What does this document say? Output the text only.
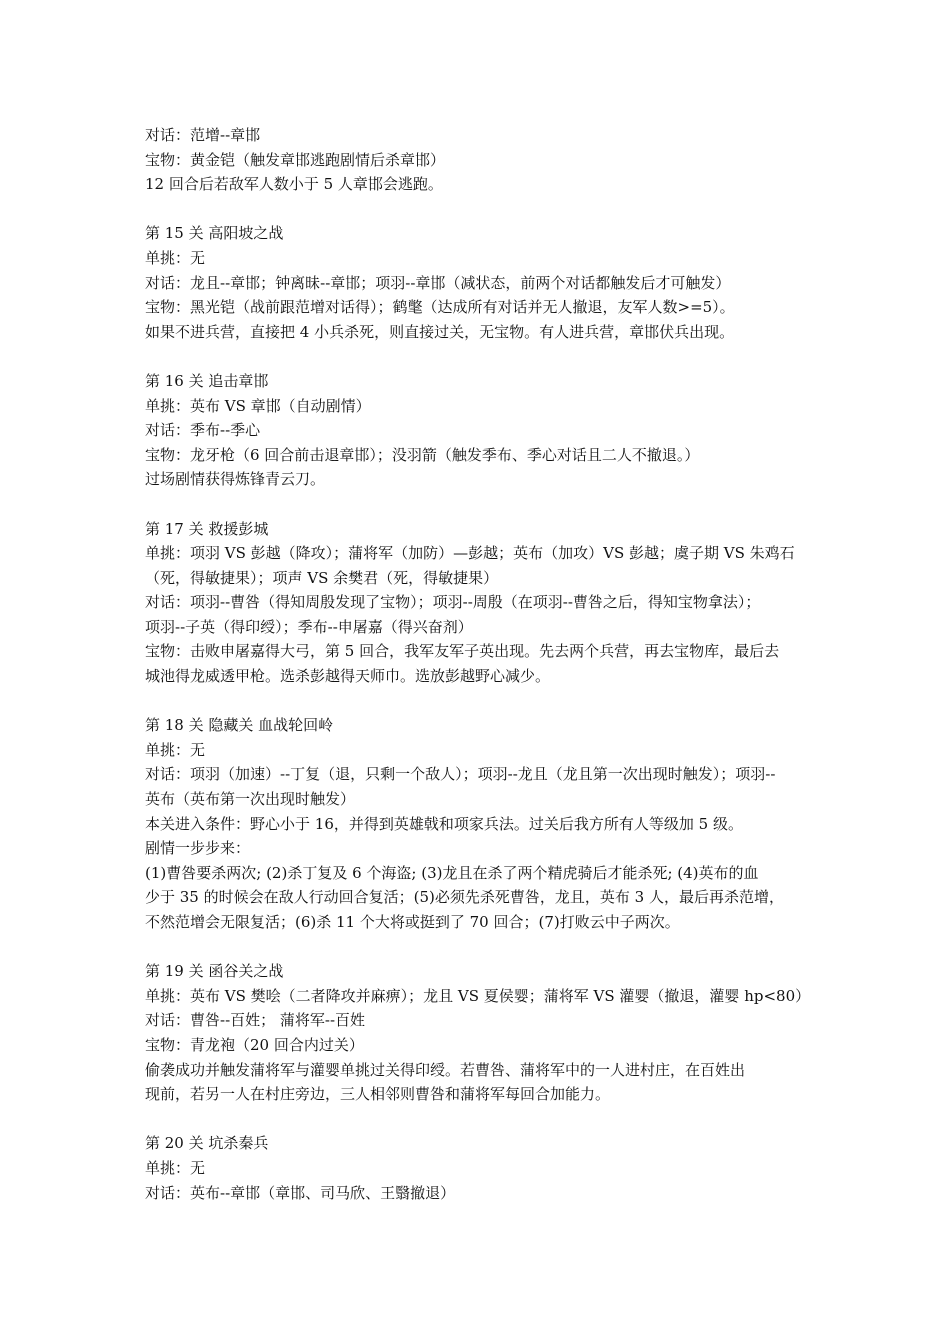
对话：范增--章邯
宝物：黄金铠（触发章邯逃跑剧情后杀章邯）
12 回合后若敌军人数小于 5 人章邯会逃跑。
第 15 关 高阳坡之战
单挑：无
对话：龙且--章邯；钟离昧--章邯；项羽--章邯（减状态，前两个对话都触发后才可触发）
宝物：黑光铠（战前跟范增对话得）；鹤氅（达成所有对话并无人撤退，友军人数>=5）。
如果不进兵营，直接把 4 小兵杀死，则直接过关，无宝物。有人进兵营，章邯伏兵出现。
第 16 关 追击章邯
单挑：英布 VS 章邯（自动剧情）
对话：季布--季心
宝物：龙牙枪（6 回合前击退章邯）；没羽箭（触发季布、季心对话且二人不撤退。）
过场剧情获得炼锋青云刀。
第 17 关 救援彭城
单挑：项羽 VS 彭越（降攻）；蒲将军（加防）—彭越；英布（加攻）VS 彭越；虞子期 VS 朱鸡石
（死，得敏捷果）；项声 VS 余樊君（死，得敏捷果）
对话：项羽--曹咎（得知周殷发现了宝物）；项羽--周殷（在项羽--曹咎之后，得知宝物拿法）；
项羽--子英（得印绶）；季布--申屠嘉（得兴奋剂）
宝物：击败申屠嘉得大弓，第 5 回合，我军友军子英出现。先去两个兵营，再去宝物库，最后去
城池得龙威透甲枪。选杀彭越得天师巾。选放彭越野心减少。
第 18 关 隐藏关 血战轮回岭
单挑：无
对话：项羽（加速）--丁复（退，只剩一个敌人）；项羽--龙且（龙且第一次出现时触发）；项羽--
英布（英布第一次出现时触发）
本关进入条件：野心小于 16，并得到英雄戟和项家兵法。过关后我方所有人等级加 5 级。
剧情一步步来：
(1)曹咎要杀两次; (2)杀丁复及 6 个海盗; (3)龙且在杀了两个精虎骑后才能杀死; (4)英布的血
少于 35 的时候会在敌人行动回合复活；(5)必须先杀死曹咎，龙且，英布 3 人，最后再杀范增，
不然范增会无限复活；(6)杀 11 个大将或挺到了 70 回合；(7)打败云中子两次。
第 19 关 函谷关之战
单挑：英布 VS 樊哙（二者降攻并麻痹）；龙且 VS 夏侯婴；蒲将军 VS 灌婴（撤退，灌婴 hp<80）
对话：曹咎--百姓； 蒲将军--百姓
宝物：青龙袍（20 回合内过关）
偷袭成功并触发蒲将军与灌婴单挑过关得印绶。若曹咎、蒲将军中的一人进村庄，在百姓出
现前，若另一人在村庄旁边，三人相邻则曹咎和蒲将军每回合加能力。
第 20 关 坑杀秦兵
单挑：无
对话：英布--章邯（章邯、司马欣、王翳撤退）
